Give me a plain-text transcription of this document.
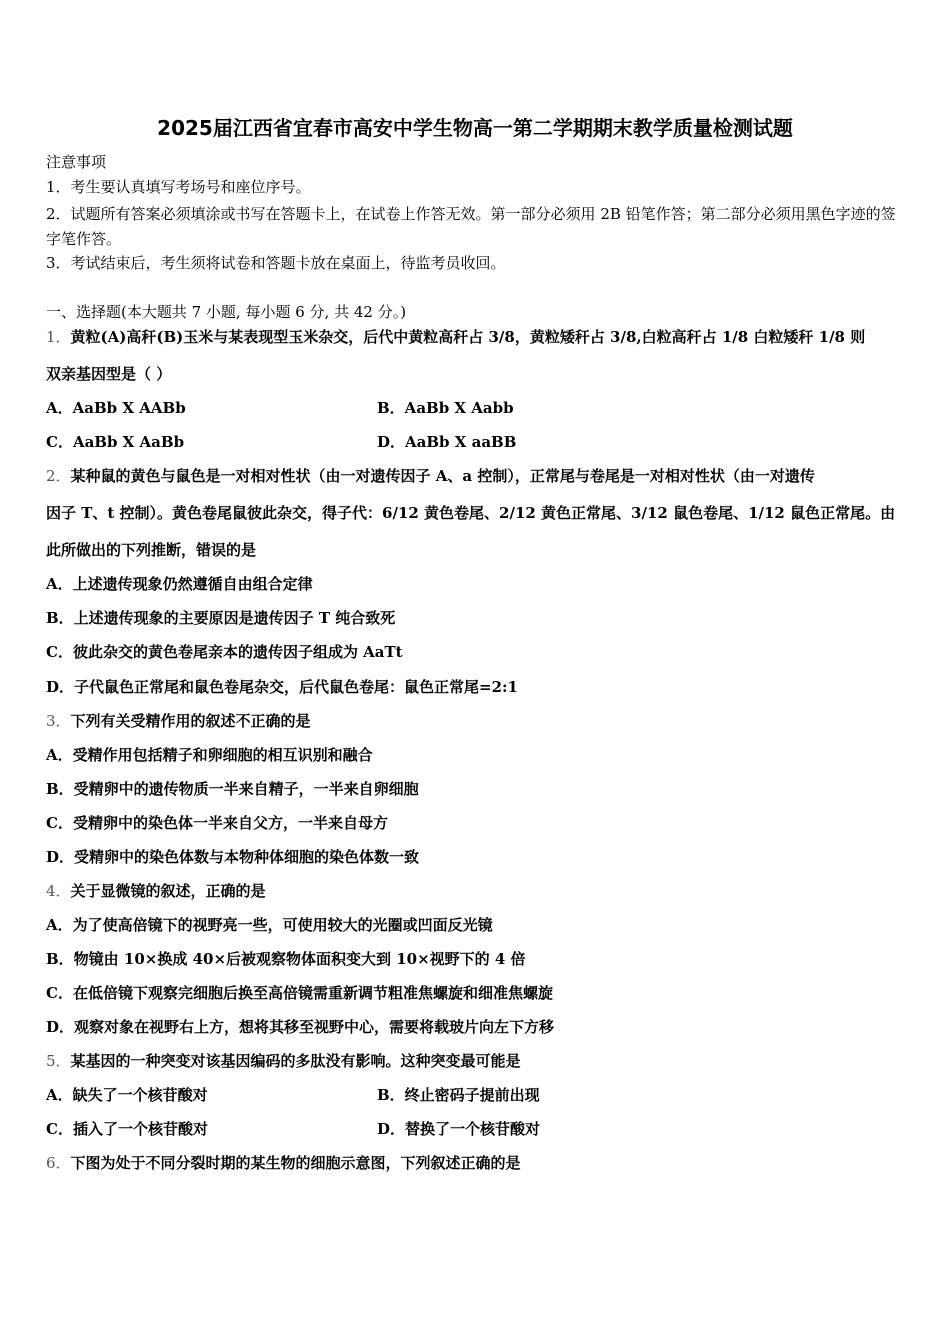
2025届江西省宜春市高安中学生物高一第二学期期末教学质量检测试题
注意事项
1．考生要认真填写考场号和座位序号。
2．试题所有答案必须填涂或书写在答题卡上，在试卷上作答无效。第一部分必须用 2B 铅笔作答；第二部分必须用黑色字迹的签字笔作答。
3．考试结束后，考生须将试卷和答题卡放在桌面上，待监考员收回。
一、选择题(本大题共 7 小题, 每小题 6 分, 共 42 分。)
1．黄粒(A)高秆(B)玉米与某表现型玉米杂交，后代中黄粒高秆占 3/8，黄粒矮秆占 3/8,白粒高秆占 1/8 白粒矮秆 1/8 则
双亲基因型是（ ）
A．AaBb X AABb	B．AaBb X Aabb
C．AaBb X AaBb	D．AaBb X aaBB
2．某种鼠的黄色与鼠色是一对相对性状（由一对遗传因子 A、a 控制），正常尾与卷尾是一对相对性状（由一对遗传
因子 T、t 控制）。黄色卷尾鼠彼此杂交，得子代：6/12 黄色卷尾、2/12 黄色正常尾、3/12 鼠色卷尾、1/12 鼠色正常尾。由
此所做出的下列推断，错误的是
A．上述遗传现象仍然遵循自由组合定律
B．上述遗传现象的主要原因是遗传因子 T 纯合致死
C．彼此杂交的黄色卷尾亲本的遗传因子组成为 AaTt
D．子代鼠色正常尾和鼠色卷尾杂交，后代鼠色卷尾：鼠色正常尾=2:1
3．下列有关受精作用的叙述不正确的是
A．受精作用包括精子和卵细胞的相互识别和融合
B．受精卵中的遗传物质一半来自精子，一半来自卵细胞
C．受精卵中的染色体一半来自父方，一半来自母方
D．受精卵中的染色体数与本物种体细胞的染色体数一致
4．关于显微镜的叙述，正确的是
A．为了使高倍镜下的视野亮一些，可使用较大的光圈或凹面反光镜
B．物镜由 10×换成 40×后被观察物体面积变大到 10×视野下的 4 倍
C．在低倍镜下观察完细胞后换至高倍镜需重新调节粗准焦螺旋和细准焦螺旋
D．观察对象在视野右上方，想将其移至视野中心，需要将载玻片向左下方移
5．某基因的一种突变对该基因编码的多肽没有影响。这种突变最可能是
A．缺失了一个核苷酸对	B．终止密码子提前出现
C．插入了一个核苷酸对	D．替换了一个核苷酸对
6．下图为处于不同分裂时期的某生物的细胞示意图，下列叙述正确的是
